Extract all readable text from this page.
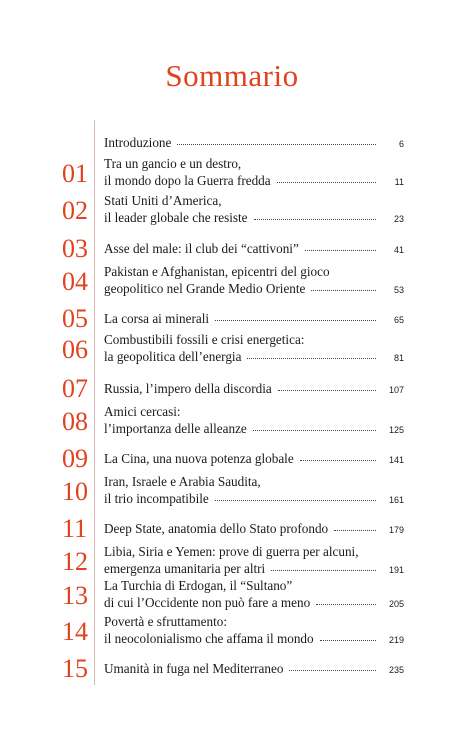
Sommario
Introduzione	6
01 Tra un gancio e un destro,
il mondo dopo la Guerra fredda	11
02 Stati Uniti d’America,
il leader globale che resiste	23
03 Asse del male: il club dei “cattivoni”	41
04 Pakistan e Afghanistan, epicentri del gioco
geopolitico nel Grande Medio Oriente	53
05 La corsa ai minerali	65
06 Combustibili fossili e crisi energetica:
la geopolitica dell’energia	81
07 Russia, l’impero della discordia	107
08 Amici cercasi:
l’importanza delle alleanze	125
09 La Cina, una nuova potenza globale	141
10 Iran, Israele e Arabia Saudita,
il trio incompatibile	161
11 Deep State, anatomia dello Stato profondo	179
12 Libia, Siria e Yemen: prove di guerra per alcuni,
emergenza umanitaria per altri	191
13 La Turchia di Erdogan, il “Sultano”
di cui l’Occidente non può fare a meno	205
14 Povertà e sfruttamento:
il neocolonialismo che affama il mondo	219
15 Umanità in fuga nel Mediterraneo	235
